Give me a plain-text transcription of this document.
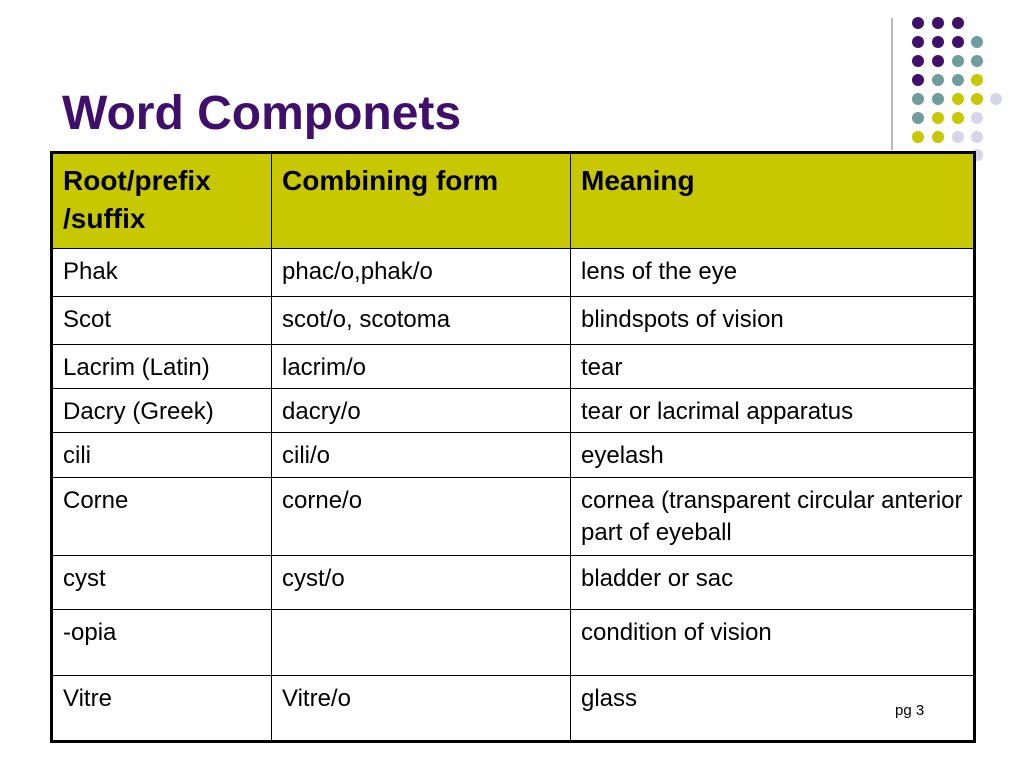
Word Componets
Root/prefix /suffix	Combining form	Meaning
Phak	phac/o,phak/o	lens of the eye
Scot	scot/o, scotoma	blindspots of vision
Lacrim (Latin)	lacrim/o	tear
Dacry (Greek)	dacry/o	tear or lacrimal apparatus
cili	cili/o	eyelash
Corne	corne/o	cornea (transparent circular anterior part of eyeball
cyst	cyst/o	bladder or sac
-opia		condition of vision
Vitre	Vitre/o	glass	pg 3
